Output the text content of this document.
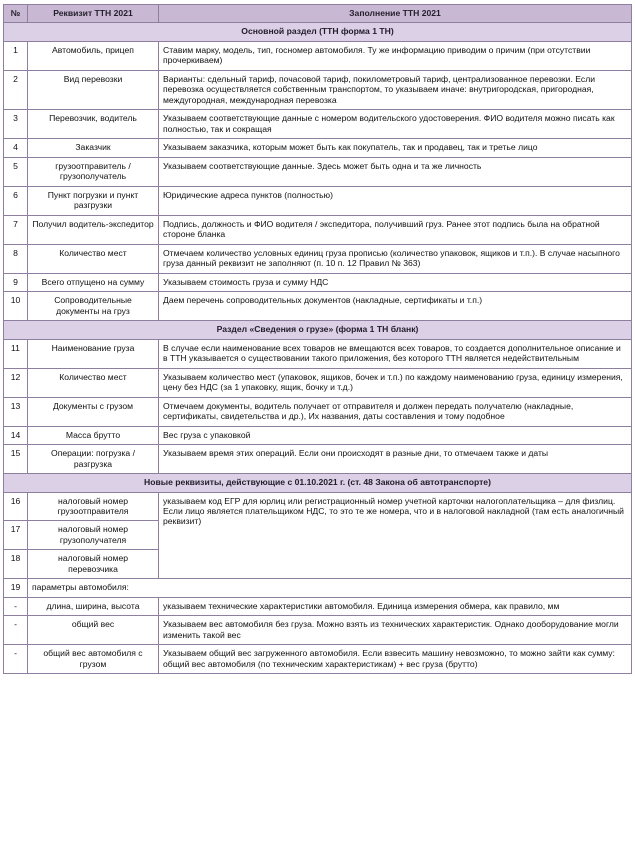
№	Реквизит ТТН 2021	Заполнение ТТН 2021
Основной раздел (ТТН форма 1 ТН)		
1	Автомобиль, прицеп	Ставим марку, модель, тип, госномер автомобиля. Ту же информацию приводим о причим (при отсутствии прочеркиваем)
2	Вид перевозки	Варианты: сдельный тариф, почасовой тариф, покилометровый тариф, централизованное перевозки. Если перевозка осуществляется собственным транспортом, то указываем иначе: внутригородская, пригородная, междугородная, международная перевозка
3	Перевозчик, водитель	Указываем соответствующие данные с номером водительского удостоверения. ФИО водителя можно писать как полностью, так и сокращая
4	Заказчик	Указываем заказчика, которым может быть как покупатель, так и продавец, так и третье лицо
5	грузоотправитель /грузополучатель	Указываем соответствующие данные. Здесь может быть одна и та же личность
6	Пункт погрузки и пункт разгрузки	Юридические адреса пунктов (полностью)
7	Получил водитель-экспедитор	Подпись, должность и ФИО водителя / экспедитора, получивший груз. Ранее этот подпись была на обратной стороне бланка
8	Количество мест	Отмечаем количество условных единиц груза прописью (количество упаковок, ящиков и т.п.). В случае насыпного груза данный реквизит не заполняют (п. 10 п. 12 Правил № 363)
9	Всего отпущено на сумму	Указываем стоимость груза и сумму НДС
10	Сопроводительные документы на груз	Даем перечень сопроводительных документов (накладные, сертификаты и т.п.)
Раздел «Сведения о грузе» (форма 1 ТН бланк)		
11	Наименование груза	В случае если наименование всех товаров не вмещаются всех товаров, то создается дополнительное описание и в ТТН указывается о существовании такого приложения, без которого ТТН является недействительным
12	Количество мест	Указываем количество мест (упаковок, ящиков, бочек и т.п.) по каждому наименованию груза, единицу измерения, цену без НДС (за 1 упаковку, ящик, бочку и т.д.)
13	Документы с грузом	Отмечаем документы, водитель получает от отправителя и должен передать получателю (накладные, сертификаты, свидетельства и др.), Их названия, даты составления и тому подобное
14	Масса брутто	Вес груза с упаковкой
15	Операции: погрузка / разгрузка	Указываем время этих операций. Если они происходят в разные дни, то отмечаем также и даты
Новые реквизиты, действующие с 01.10.2021 г. (ст. 48 Закона об автотранспорте)		
16	налоговый номер грузоотправителя	указываем код ЕГР для юрлиц или регистрационный номер учетной карточки налогоплательщика – для физлиц. Если лицо является плательщиком НДС, то это те же номера, что и в налоговой накладной (там есть аналогичный реквизит)
17	налоговый номер грузополучателя	
18	налоговый номер перевозчика	
19	параметры автомобиля:	
-	длина, ширина, высота	указываем технические характеристики автомобиля. Единица измерения обмера, как правило, мм
-	общий вес	Указываем вес автомобиля без груза. Можно взять из технических характеристик. Однако дооборудование могли изменить такой вес
-	общий вес автомобиля с грузом	Указываем общий вес загруженного автомобиля. Если взвесить машину невозможно, то можно зайти как сумму: общий вес автомобиля (по техническим характеристикам) + вес груза (брутто)
